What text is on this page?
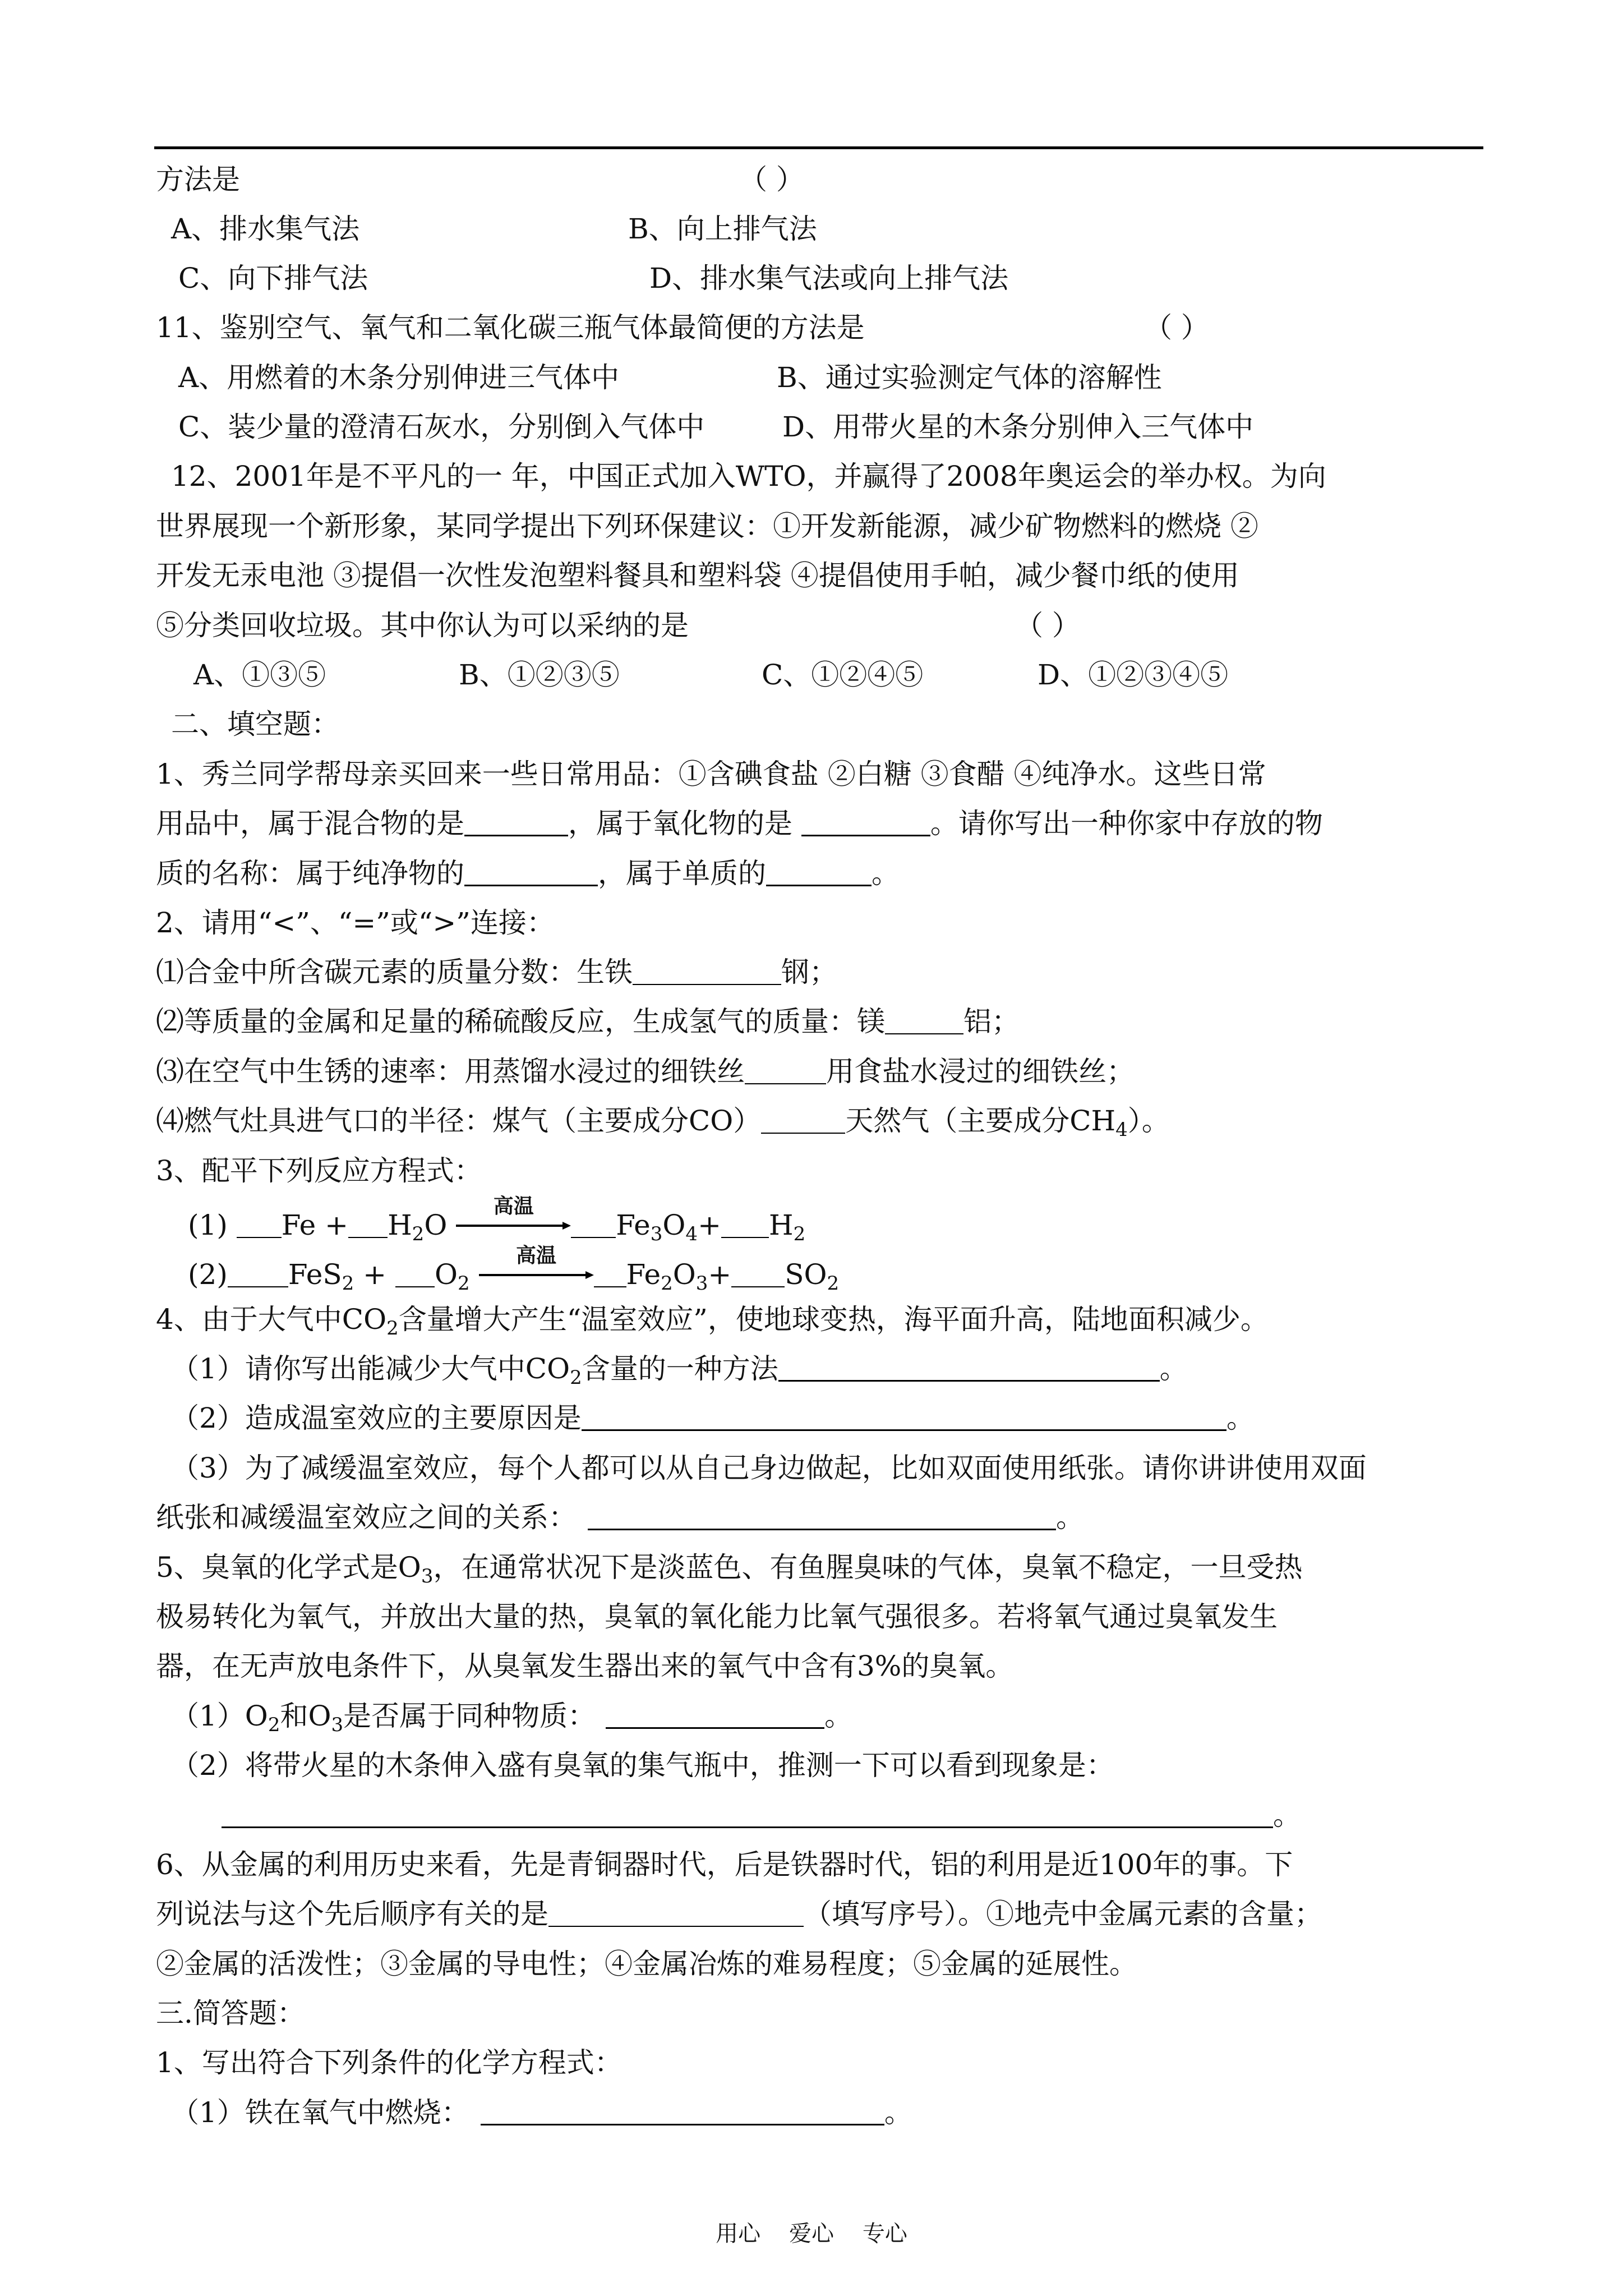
方法是	（ ）
A、排水集气法	B、向上排气法
C、向下排气法	D、排水集气法或向上排气法
11、鉴别空气、氧气和二氧化碳三瓶气体最简便的方法是	（ ）
A、用燃着的木条分别伸进三气体中	B、通过实验测定气体的溶解性
C、装少量的澄清石灰水，分别倒入气体中	D、用带火星的木条分别伸入三气体中
12、2001年是不平凡的一 年，中国正式加入WTO，并赢得了2008年奥运会的举办权。为向
世界展现一个新形象，某同学提出下列环保建议：①开发新能源，减少矿物燃料的燃烧 ②
开发无汞电池 ③提倡一次性发泡塑料餐具和塑料袋 ④提倡使用手帕，减少餐巾纸的使用
⑤分类回收垃圾。其中你认为可以采纳的是	（ ）
A、①③⑤	B、①②③⑤	C、①②④⑤	D、①②③④⑤
二、填空题：
1、秀兰同学帮母亲买回来一些日常用品：①含碘食盐 ②白糖 ③食醋 ④纯净水。这些日常
用品中，属于混合物的是	，属于氧化物的是	。请你写出一种你家中存放的物
质的名称：属于纯净物的	，属于单质的	。
2、请用“<”、“=”或“>”连接：
⑴合金中所含碳元素的质量分数：生铁	钢；
⑵等质量的金属和足量的稀硫酸反应，生成氢气的质量：镁	铝；
⑶在空气中生锈的速率：用蒸馏水浸过的细铁丝	用食盐水浸过的细铁丝；
⑷燃气灶具进气口的半径：煤气（主要成分CO）	天然气（主要成分$CH_4$）。
3、配平下列反应方程式：
(1) $Fe + H_2O$
高温
$Fe_3O_4+ H_2$
(2) $FeS_2 + O_2$
高温
$Fe_2O_3+ SO_2$
4、由于大气中$CO_2$含量增大产生“温室效应”，使地球变热，海平面升高，陆地面积减少。
（1）请你写出能减少大气中$CO_2$含量的一种方法	。
（2）造成温室效应的主要原因是	。
（3）为了减缓温室效应，每个人都可以从自己身边做起，比如双面使用纸张。请你讲讲使用双面
纸张和减缓温室效应之间的关系：	。
5、臭氧的化学式是$O_3$，在通常状况下是淡蓝色、有鱼腥臭味的气体，臭氧不稳定，一旦受热
极易转化为氧气，并放出大量的热，臭氧的氧化能力比氧气强很多。若将氧气通过臭氧发生
器，在无声放电条件下，从臭氧发生器出来的氧气中含有3%的臭氧。
$(1)O_2$和$O_3$是否属于同种物质：	。
（2）将带火星的木条伸入盛有臭氧的集气瓶中，推测一下可以看到现象是：
。
6、从金属的利用历史来看，先是青铜器时代，后是铁器时代，铝的利用是近100年的事。下
列说法与这个先后顺序有关的是	（填写序号）。①地壳中金属元素的含量；
②金属的活泼性；③金属的导电性；④金属冶炼的难易程度；⑤金属的延展性。
三.简答题：
1、写出符合下列条件的化学方程式：
（1）铁在氧气中燃烧：	。
用心    爱心    专心
